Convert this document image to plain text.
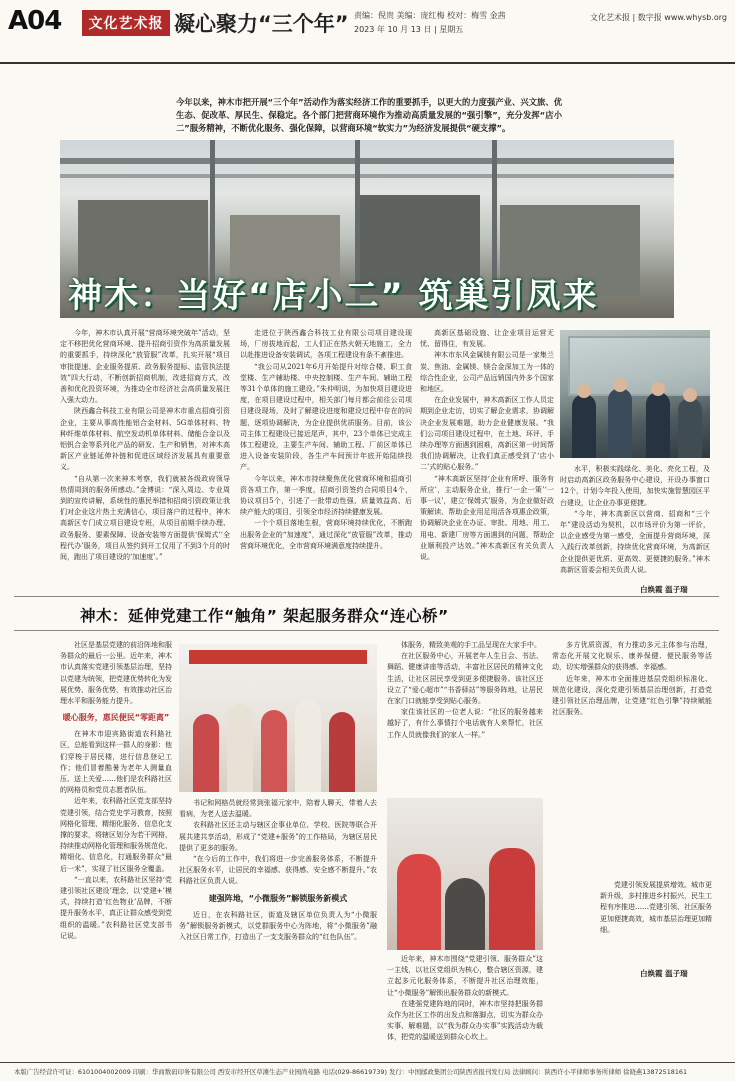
A04	文化艺术报 凝心聚力“三个年” 责编：倪贵 美编：庞红梅 校对：梅雪 金茜
2023 年 10 月 13 日 | 星期五
文化艺术报 | 数字报 www.whysb.org
今年以来，神木市把开展“三个年”活动作为落实经济工作的重要抓手，以更大的力度强产业、兴文旅、优生态、促改革、厚民生、保稳定。各个部门把营商环境作为推动高质量发展的“强引擎”，充分发挥“店小二”服务精神，不断优化服务、强化保障，以营商环境“软实力”为经济发展提供“硬支撑”。
神木：当好“店小二” 筑巢引凤来

今年，神木市认真开展“营商环境突破年”活动，坚定不移把优化营商环境、提升招商引资作为高质量发展的重要抓手，持续深化“放管服”改革，扎实开展“项目审批提速、企业服务提质、政务服务提标、监管执法提效”四大行动，不断创新招商机制，改进招商方式，改善和优化投资环境，为推动全市经济社会高质量发展注入强大动力。

陕西鑫合科技工业有限公司是神木市重点招商引资企业，主要从事高性能铝合金材料、5G单体材料、特种纤维单体材料、航空发动机单体材料、储能合金以及铝钒合金等系列化产品的研发、生产和销售，对神木高新区产业链延伸补链和促进区域经济发展具有重要意义。

“自从第一次来神木考察，我们就被各级政府领导热情周到的服务所感动。”金博说：“深入周边、专业周到的宣传讲解，系统性的惠民举措和招商引资政策让我们对企业这片热土充满信心，项目落户的过程中，神木高新区专门成立项目建设专班，从项目前期手续办理、政务服务、要素保障、设备安装等方面提供‘保姆式’‘全程代办’服务，项目从签约到开工仅用了不到3个月的时间，跑出了项目建设的‘加速度’。”

走进位于陕西鑫合科技工业有限公司项目建设现场，厂房拔地而起，工人们正在热火朝天地施工，全力以赴推进设备安装调试，各项工程建设有条不紊推进。

“我公司从2021年6月开始提升对综合楼、职工食堂楼、生产辅助楼、中央控制楼、生产车间、辅助工程等31个单体的施工建设。”朱仲明说，为加快项目建设进度，在项目建设过程中，相关部门每月都会前往公司项目建设现场，及时了解建设进度和建设过程中存在的问题，逐项协调解决，为企业提供优质服务。目前，该公司主体工程建设已接近尾声，其中，23个单体已完成主体工程建设，主要生产车间、辅助工程、厂前区单体已进入设备安装阶段，各生产车间预计年底开始陆续投产。

今年以来，神木市持续聚焦优化营商环境和招商引资各项工作，第一季度，招商引资签约合同项目4个，协议项目5个，引进了一批带动性强、质量效益高、后续产能大的项目，引领全市经济持续健康发展。

一个个项目落地生根，营商环境持续优化，不断跑出服务企业的“加速度”，通过深化“放管服”改革，推动营商环境优化，全市营商环境满意度持续提升。

高新区基础设施、让企业项目运营无忧、留得住，有发展。

神木市东风金属镁有限公司是一家集兰炭、焦油、金属镁、镁合金深加工为一体的综合性企业，公司产品远销国内外多个国家和地区。

在企业发展中，神木高新区工作人员定期到企业走访，切实了解企业需求，协调解决企业发展难题，助力企业健康发展。“我们公司项目建设过程中，在土地、环评、手续办理等方面遇到困难，高新区第一时间帮我们协调解决，让我们真正感受到了‘店小二’式的贴心服务。”

“神木高新区坚持‘企业有所呼、服务有所应’，主动服务企业，推行‘一企一策’‘一事一议’，建立‘保姆式’服务，为企业做好政策解读、帮助企业用足用活各项惠企政策，协调解决企业在办证、审批、用地、用工、用电、新建厂房等方面遇到的问题，帮助企业顺利投产达效。”神木高新区有关负责人说。

水平，积极实践绿化、美化、亮化工程，及时启动高新区政务服务中心建设，开设办事窗口12个，计划今年投入使用，加快实施智慧园区平台建设，让企业办事更便捷。

“今年，神木高新区以营商、招商和“三个年”建设活动为契机，以市场评价为第一评价，以企业感受为第一感受，全面提升营商环境，深入践行改革创新，持续优化营商环境，为高新区企业提供更优质、更高效、更便捷的服务。”神木高新区管委会相关负责人说。

白焕霞 温子瑞
神木：延伸党建工作“触角” 架起服务群众“连心桥”

社区是基层党建的前沿阵地和服务群众的最后一公里。近年来，神木市认真落实党建引领基层治理，坚持以党建为统领，把党建优势转化为发展优势、服务优势，有效推动社区治理水平和服务能力提升。

暖心服务，惠民便民“零距离”

在神木市迎宾路街道农科路社区，总能看到这样一群人的身影：他们穿梭于居民楼，进行信息登记工作；他们冒着酷暑为老年人测量血压、送上关爱……他们是农科路社区的网格员和党员志愿者队伍。

近年来，农科路社区党支部坚持党建引领，结合党史学习教育，按照网格化管理、精细化服务、信息化支撑的要求，将辖区划分为若干网格，持续推动网格化管理和服务规范化、精细化、信息化，打通服务群众“最后一米”，实现了社区服务全覆盖。

“一直以来，农科路社区坚持‘党建引领社区建设’理念，以‘党建+’模式，持续打造‘红色物业’品牌，不断提升服务水平，真正让群众感受到党组织的温暖。”农科路社区党支部书记说。

书记和网格员就经常到张福元家中，陪着人聊天，带着人去看病，为老人送去温暖。

农科路社区还主动与辖区企事业单位、学校、医院等联合开展共建共享活动，形成了“党建+服务”的工作格局，为辖区居民提供了更多的服务。

“在今后的工作中，我们将进一步完善服务体系，不断提升社区服务水平，让居民的幸福感、获得感、安全感不断提升。”农科路社区负责人说。

建强阵地，“小微服务”解锁服务新模式

近日，在农科路社区，街道及辖区单位负责人为“小微服务”解锁服务新模式，以党群服务中心为阵地，将“小微服务”融入社区日常工作，打造出了一支支服务群众的“红色队伍”。

体服务，精致美观的手工品呈现在大家手中。

在社区服务中心，开展老年人生日会、书法、舞蹈、健康讲座等活动，丰富社区居民的精神文化生活，让社区居民享受到更多便捷服务。该社区还设立了“爱心超市”“书香驿站”等服务阵地，让居民在家门口就能享受到贴心服务。

家住该社区的一位老人说：“社区的服务越来越好了，有什么事情打个电话就有人来帮忙，社区工作人员就像我们的家人一样。”

近年来，神木市围绕“党建引领、服务群众”这一主线，以社区党组织为核心，整合辖区资源，建立起多元化服务体系，不断提升社区治理效能，让“小微服务”解锁出服务群众的新模式。

在建强党建阵地的同时，神木市坚持把服务群众作为社区工作的出发点和落脚点，切实为群众办实事、解难题，以“我为群众办实事”实践活动为载体，把党的温暖送到群众心坎上。

多方优质资源，有力推动多元主体参与治理，常态化开展文化娱乐、康养保健、便民服务等活动，切实增强群众的获得感、幸福感。

近年来，神木市全面推进基层党组织标准化、规范化建设，深化党建引领基层治理创新，打造党建引领社区治理品牌，让党建“红色引擎”持续赋能社区服务。

党建引领发展提质增效。城市更新升级，多村推进乡村振兴，民生工程有序推进……党建引领、社区服务更加便捷高效，城市基层治理更加精细。

白焕霞 温子瑞
本版广告经营许可证：6101004002009 印刷：华商数码印务有限公司 西安市经开区草滩生态产业园尚苑路 电话(029-86619739) 发行：中国邮政集团公司陕西省报刊发行局 法律顾问：陕西许小平律师事务所律师 徐晓燕13872518161
